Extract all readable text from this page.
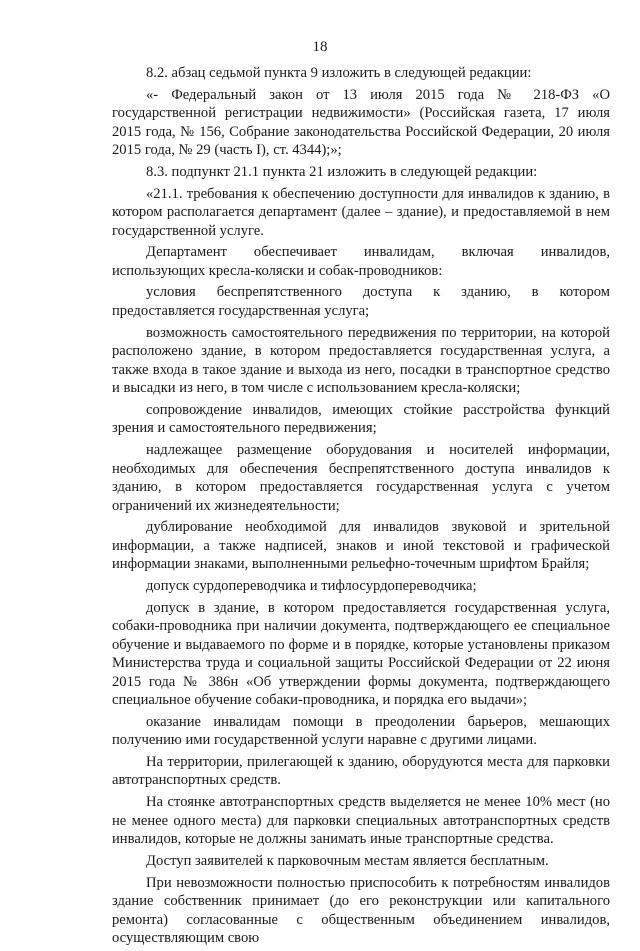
18

8.2. абзац седьмой пункта 9 изложить в следующей редакции:

«- Федеральный закон от 13 июля 2015 года № 218-ФЗ «О государственной регистрации недвижимости» (Российская газета, 17 июля 2015 года, № 156, Собрание законодательства Российской Федерации, 20 июля 2015 года, № 29 (часть I), ст. 4344);»;

8.3. подпункт 21.1 пункта 21 изложить в следующей редакции:

«21.1. требования к обеспечению доступности для инвалидов к зданию, в котором располагается департамент (далее – здание), и предоставляемой в нем государственной услуге.

Департамент обеспечивает инвалидам, включая инвалидов, использующих кресла-коляски и собак-проводников:

условия беспрепятственного доступа к зданию, в котором предоставляется государственная услуга;

возможность самостоятельного передвижения по территории, на которой расположено здание, в котором предоставляется государственная услуга, а также входа в такое здание и выхода из него, посадки в транспортное средство и высадки из него, в том числе с использованием кресла-коляски;

сопровождение инвалидов, имеющих стойкие расстройства функций зрения и самостоятельного передвижения;

надлежащее размещение оборудования и носителей информации, необходимых для обеспечения беспрепятственного доступа инвалидов к зданию, в котором предоставляется государственная услуга с учетом ограничений их жизнедеятельности;

дублирование необходимой для инвалидов звуковой и зрительной информации, а также надписей, знаков и иной текстовой и графической информации знаками, выполненными рельефно-точечным шрифтом Брайля;

допуск сурдопереводчика и тифлосурдопереводчика;

допуск в здание, в котором предоставляется государственная услуга, собаки-проводника при наличии документа, подтверждающего ее специальное обучение и выдаваемого по форме и в порядке, которые установлены приказом Министерства труда и социальной защиты Российской Федерации от 22 июня 2015 года № 386н «Об утверждении формы документа, подтверждающего специальное обучение собаки-проводника, и порядка его выдачи»;

оказание инвалидам помощи в преодолении барьеров, мешающих получению ими государственной услуги наравне с другими лицами.

На территории, прилегающей к зданию, оборудуются места для парковки автотранспортных средств.

На стоянке автотранспортных средств выделяется не менее 10% мест (но не менее одного места) для парковки специальных автотранспортных средств инвалидов, которые не должны занимать иные транспортные средства.

Доступ заявителей к парковочным местам является бесплатным.

При невозможности полностью приспособить к потребностям инвалидов здание собственник принимает (до его реконструкции или капитального ремонта) согласованные с общественным объединением инвалидов, осуществляющим свою
